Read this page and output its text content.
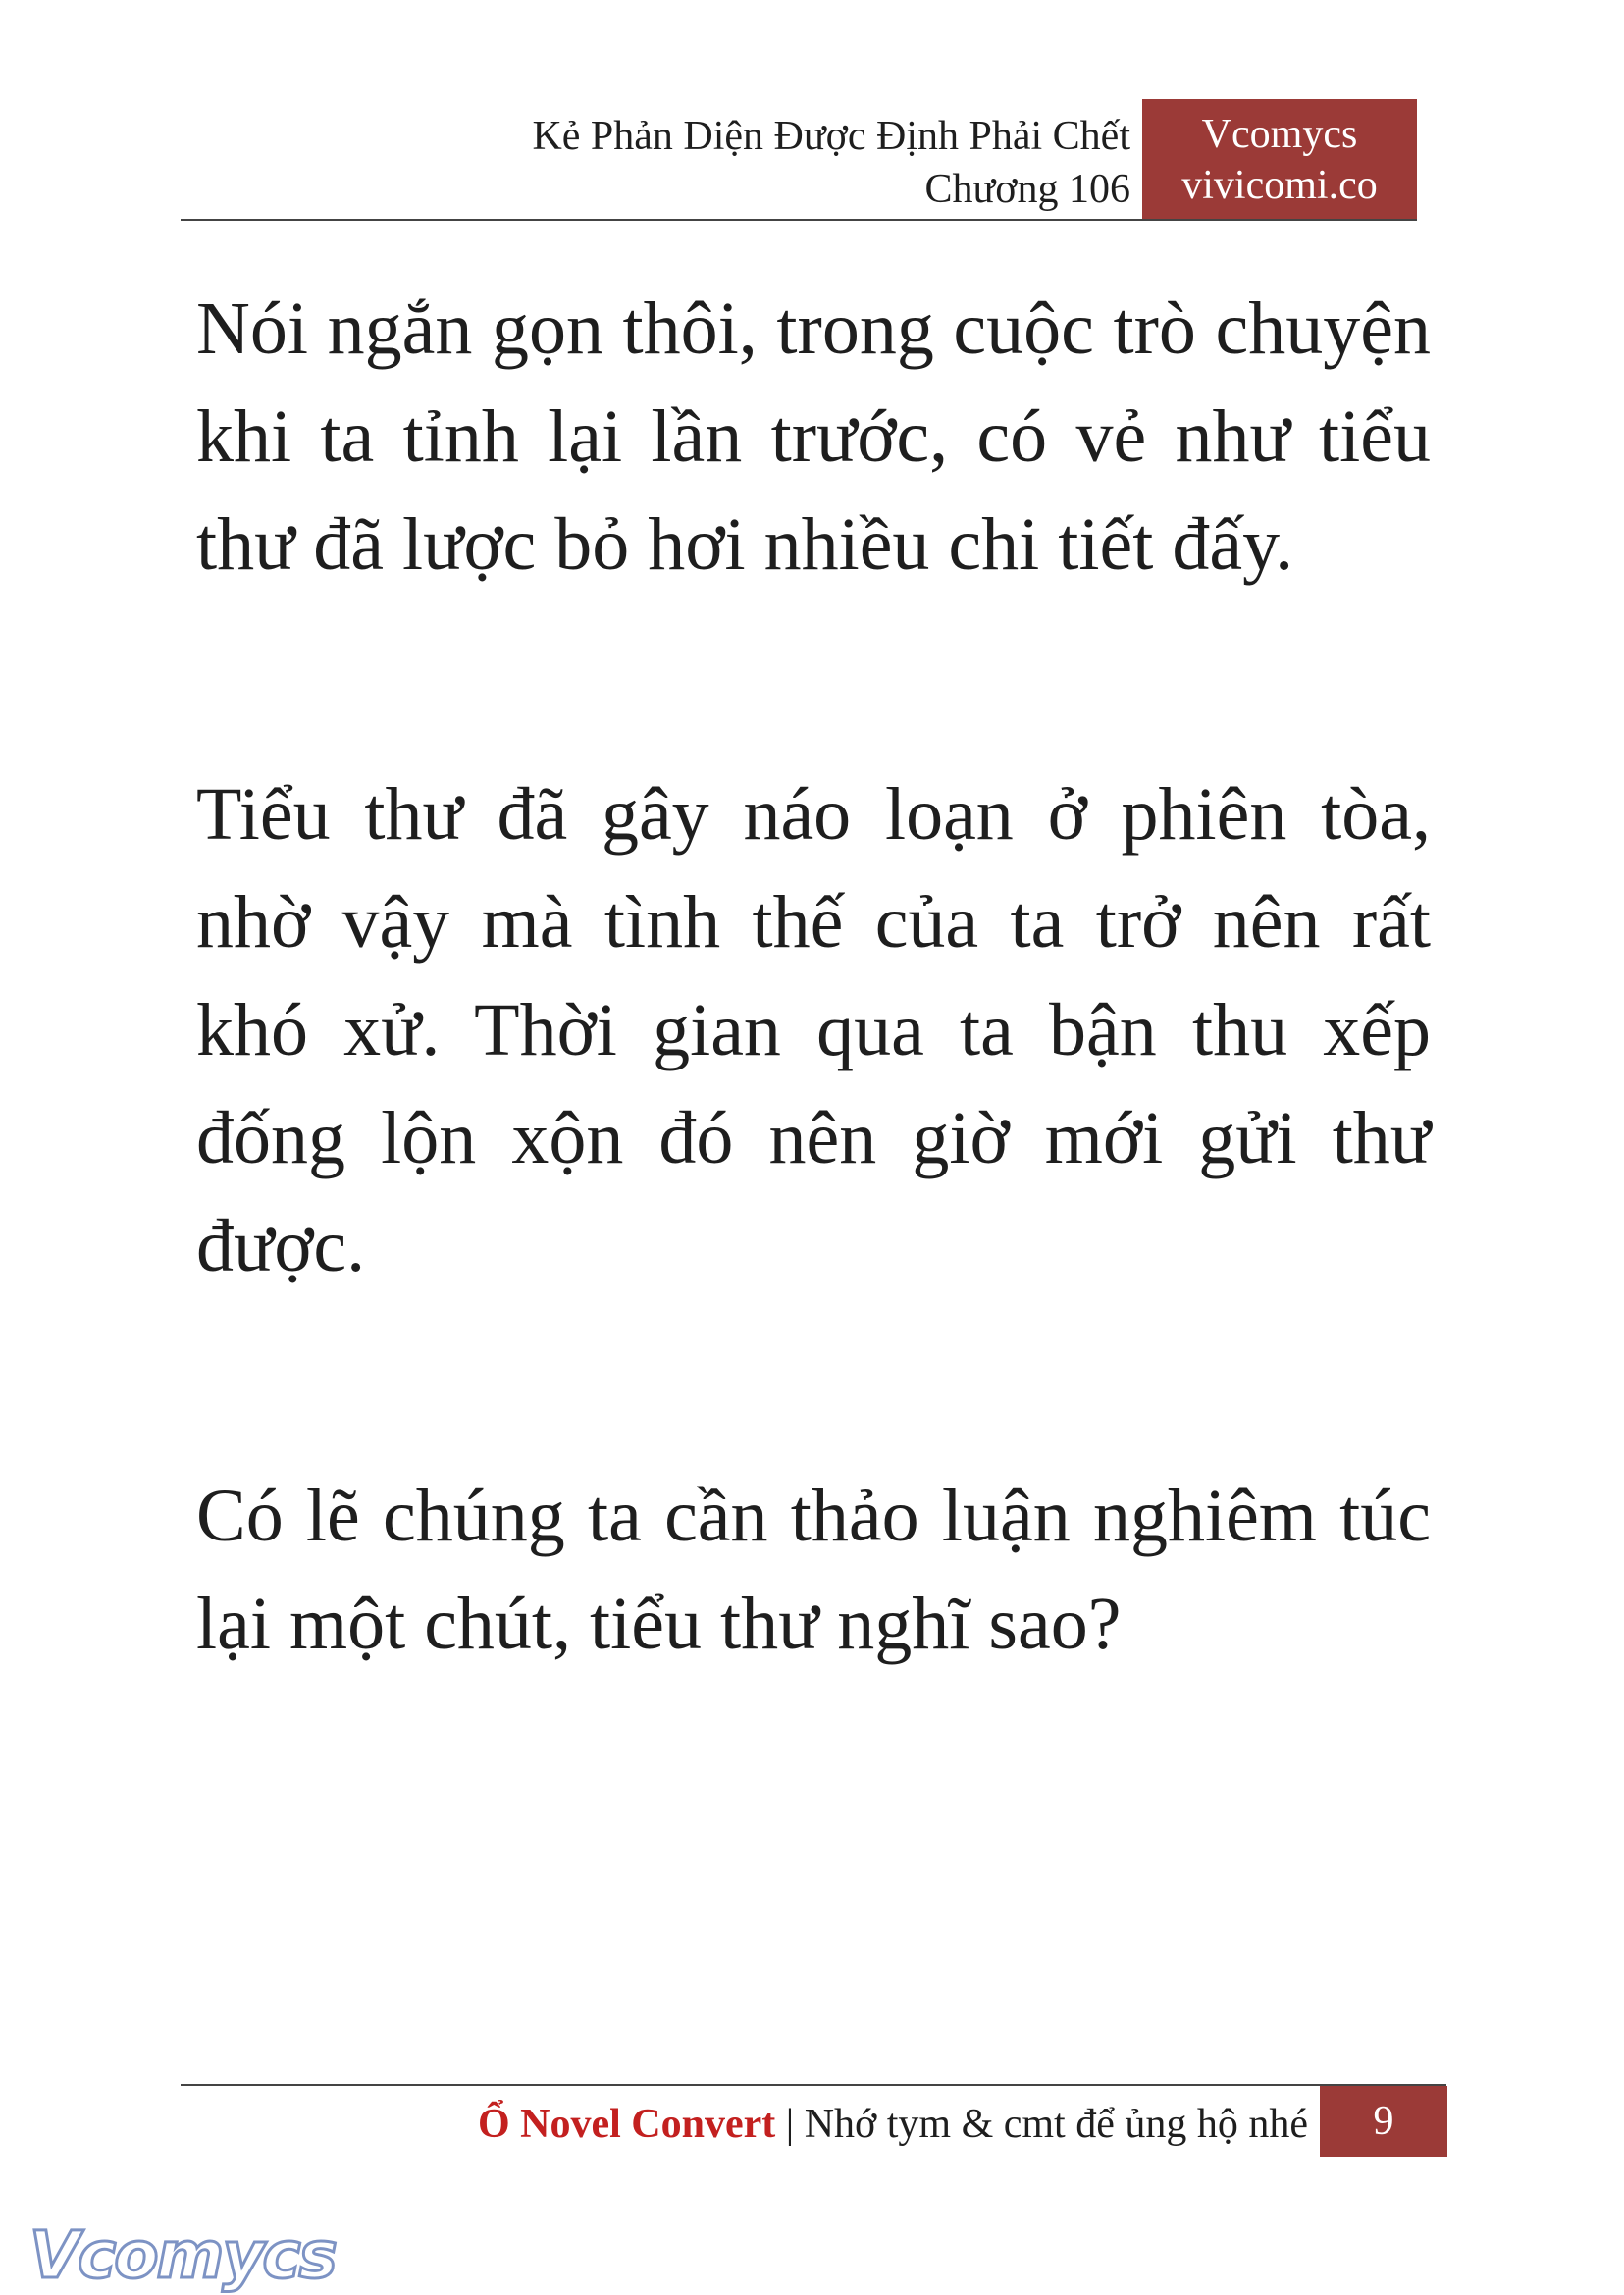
Kẻ Phản Diện Được Định Phải Chết
Chương 106
Vcomycs
vivicomi.co

Nói ngắn gọn thôi, trong cuộc trò chuyện khi ta tỉnh lại lần trước, có vẻ như tiểu thư đã lược bỏ hơi nhiều chi tiết đấy.

Tiểu thư đã gây náo loạn ở phiên tòa, nhờ vậy mà tình thế của ta trở nên rất khó xử. Thời gian qua ta bận thu xếp đống lộn xộn đó nên giờ mới gửi thư được.

Có lẽ chúng ta cần thảo luận nghiêm túc lại một chút, tiểu thư nghĩ sao?

Ổ Novel Convert | Nhớ tym & cmt để ủng hộ nhé	9
Vcomycs
